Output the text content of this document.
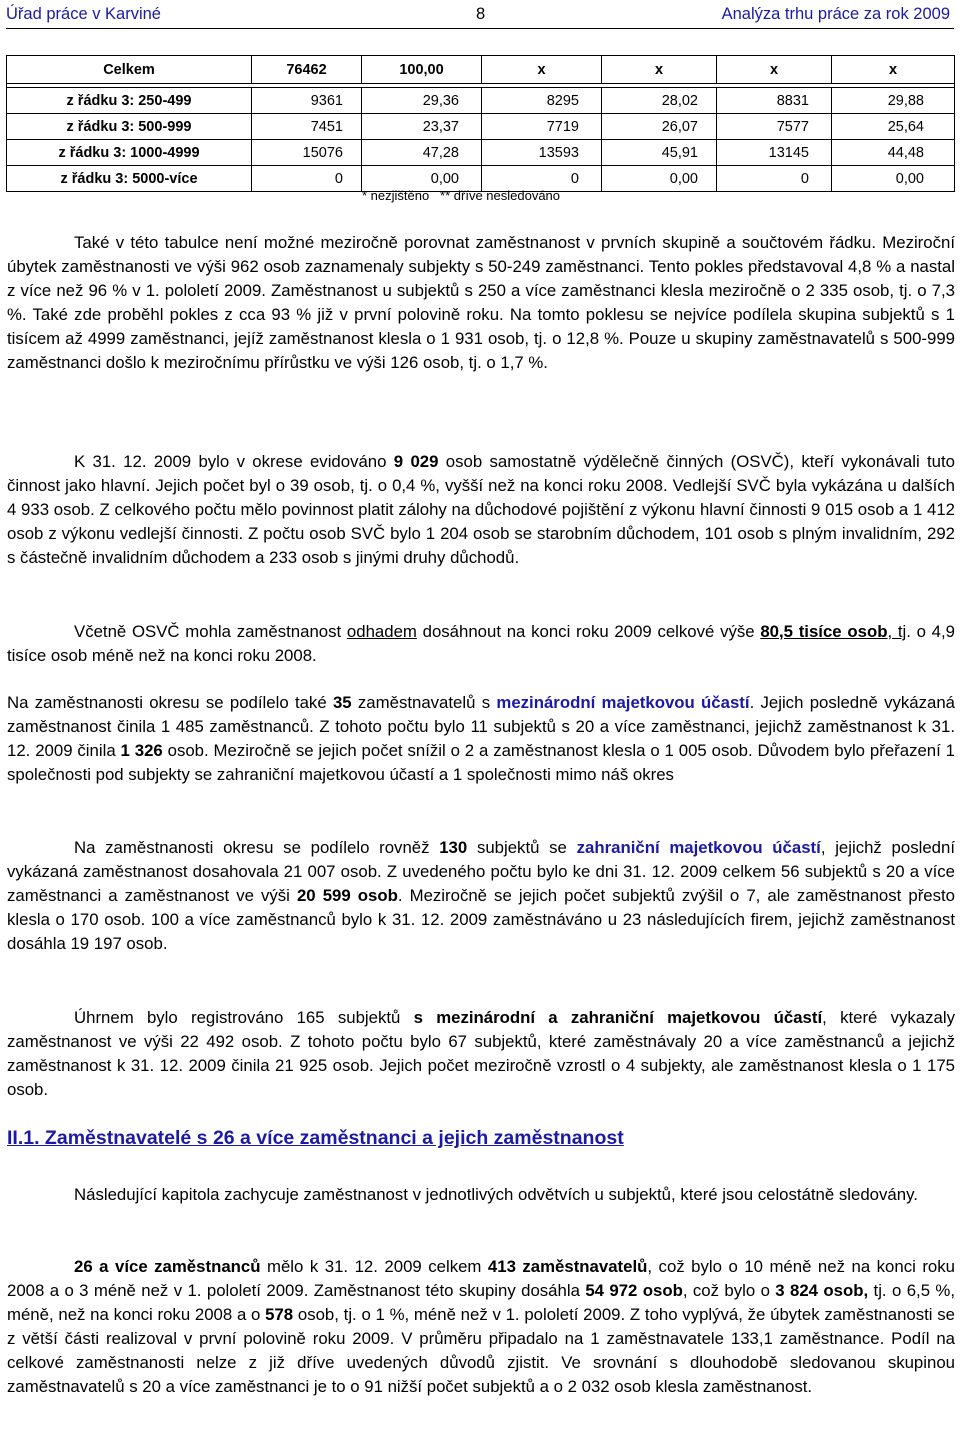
Úřad práce v Karviné	8	Analýza trhu práce za rok 2009
Celkem	76462	100,00	x	x	x	x

z řádku 3: 250-499	9361	29,36	8295	28,02	8831	29,88
z řádku 3: 500-999	7451	23,37	7719	26,07	7577	25,64
z řádku 3: 1000-4999	15076	47,28	13593	45,91	13145	44,48
z řádku 3: 5000-více	0	0,00	0	0,00	0	0,00
* nezjištěno   ** dříve nesledováno

Také v této tabulce není možné meziročně porovnat zaměstnanost v prvních skupině a součtovém řádku. Meziroční úbytek zaměstnanosti ve výši 962 osob zaznamenaly subjekty s 50-249 zaměstnanci. Tento pokles představoval 4,8 % a nastal z více než 96 % v 1. pololetí 2009. Zaměstnanost u subjektů s 250 a více zaměstnanci klesla meziročně o 2 335 osob, tj. o 7,3 %. Také zde proběhl pokles z cca 93 % již v první polovině roku. Na tomto poklesu se nejvíce podílela skupina subjektů s 1 tisícem až 4999 zaměstnanci, jejíž zaměstnanost klesla o 1 931 osob, tj. o 12,8 %. Pouze u skupiny zaměstnavatelů s 500-999 zaměstnanci došlo k meziročnímu přírůstku ve výši 126 osob, tj. o 1,7 %.

K 31. 12. 2009 bylo v okrese evidováno 9 029 osob samostatně výdělečně činných (OSVČ), kteří vykonávali tuto činnost jako hlavní. Jejich počet byl o 39 osob, tj. o 0,4 %, vyšší než na konci roku 2008. Vedlejší SVČ byla vykázána u dalších 4 933 osob. Z celkového počtu mělo povinnost platit zálohy na důchodové pojištění z výkonu hlavní činnosti 9 015 osob a 1 412 osob z výkonu vedlejší činnosti. Z počtu osob SVČ bylo 1 204 osob se starobním důchodem, 101 osob s plným invalidním, 292 s částečně invalidním důchodem a 233 osob s jinými druhy důchodů.

Včetně OSVČ mohla zaměstnanost odhadem dosáhnout na konci roku 2009 celkové výše 80,5 tisíce osob, tj. o 4,9 tisíce osob méně než na konci roku 2008.

Na zaměstnanosti okresu se podílelo také 35 zaměstnavatelů s mezinárodní majetkovou účastí. Jejich posledně vykázaná zaměstnanost činila 1 485 zaměstnanců. Z tohoto počtu bylo 11 subjektů s 20 a více zaměstnanci, jejichž zaměstnanost k 31. 12. 2009 činila 1 326 osob. Meziročně se jejich počet snížil o 2 a zaměstnanost klesla o 1 005 osob. Důvodem bylo přeřazení 1 společnosti pod subjekty se zahraniční majetkovou účastí a 1 společnosti mimo náš okres

Na zaměstnanosti okresu se podílelo rovněž 130 subjektů se zahraniční majetkovou účastí, jejichž poslední vykázaná zaměstnanost dosahovala 21 007 osob. Z uvedeného počtu bylo ke dni 31. 12. 2009 celkem 56 subjektů s 20 a více zaměstnanci a zaměstnanost ve výši 20 599 osob. Meziročně se jejich počet subjektů zvýšil o 7, ale zaměstnanost přesto klesla o 170 osob. 100 a více zaměstnanců bylo k 31. 12. 2009 zaměstnáváno u 23 následujících firem, jejichž zaměstnanost dosáhla 19 197 osob.

Úhrnem bylo registrováno 165 subjektů s mezinárodní a zahraniční majetkovou účastí, které vykazaly zaměstnanost ve výši 22 492 osob. Z tohoto počtu bylo 67 subjektů, které zaměstnávaly 20 a více zaměstnanců a jejichž zaměstnanost k 31. 12. 2009 činila 21 925 osob. Jejich počet meziročně vzrostl o 4 subjekty, ale zaměstnanost klesla o 1 175 osob.

II.1. Zaměstnavatelé s 26 a více zaměstnanci a jejich zaměstnanost

Následující kapitola zachycuje zaměstnanost v jednotlivých odvětvích u subjektů, které jsou celostátně sledovány.

26 a více zaměstnanců mělo k 31. 12. 2009 celkem 413 zaměstnavatelů, což bylo o 10 méně než na konci roku 2008 a o 3 méně než v 1. pololetí 2009. Zaměstnanost této skupiny dosáhla 54 972 osob, což bylo o 3 824 osob, tj. o 6,5 %, méně, než na konci roku 2008 a o 578 osob, tj. o 1 %, méně než v 1. pololetí 2009. Z toho vyplývá, že úbytek zaměstnanosti se z větší části realizoval v první polovině roku 2009. V průměru připadalo na 1 zaměstnavatele 133,1 zaměstnance. Podíl na celkové zaměstnanosti nelze z již dříve uvedených důvodů zjistit. Ve srovnání s dlouhodobě sledovanou skupinou zaměstnavatelů s 20 a více zaměstnanci je to o 91 nižší počet subjektů a o 2 032 osob klesla zaměstnanost.
